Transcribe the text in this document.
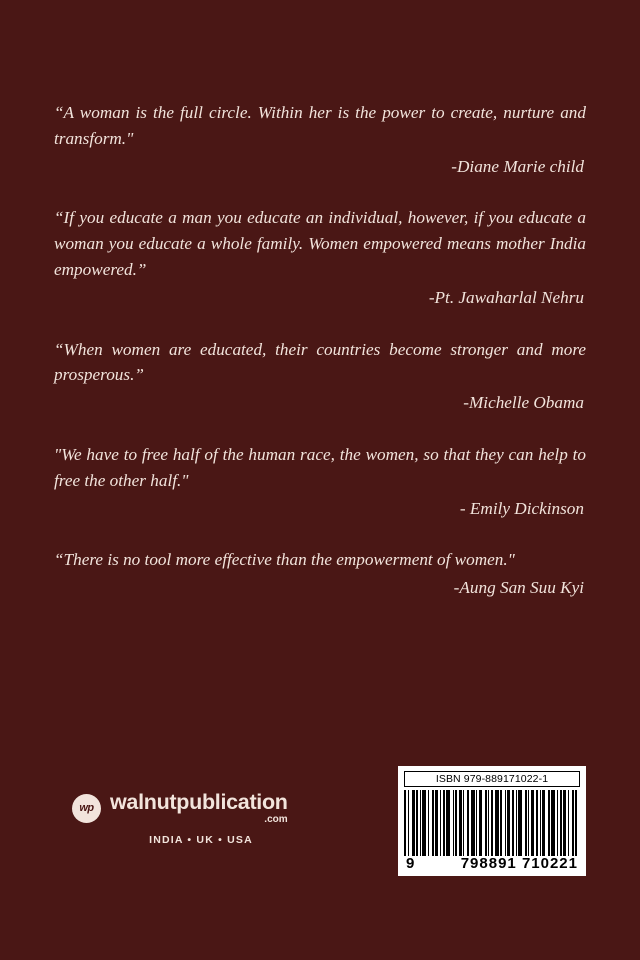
“A woman is the full circle. Within her is the power to create, nurture and transform."

-Diane Marie child

“If you educate a man you educate an individual, however, if you educate a woman you educate a whole family. Women empowered means mother India empowered.”

-Pt. Jawaharlal Nehru

“When women are educated, their countries become stronger and more prosperous.”

-Michelle Obama

"We have to free half of the human race, the women, so that they can help to free the other half."

- Emily Dickinson

“There is no tool more effective than the empowerment of women."

-Aung San Suu Kyi

wp walnutpublication
.com
INDIA • UK • USA
ISBN 979-889171022-1
9	798891 710221
